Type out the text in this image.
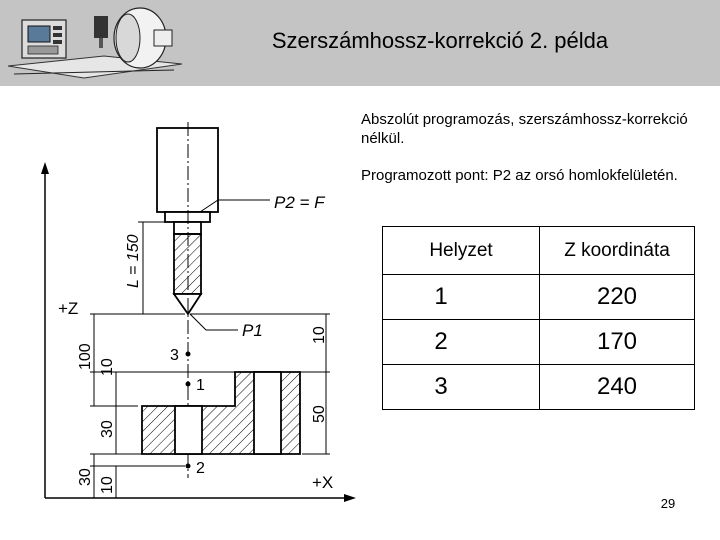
Szerszámhossz-korrekció 2. példa
Abszolút programozás, szerszámhossz-korrekció nélkül.
Programozott pont: P2 az orsó homlokfelületén.
P2 = F
L = 150
P1
+Z
+X
10
50
100 10
30
30 10
3
1
2
Helyzet	Z koordináta
1	220
2	170
3	240
29
